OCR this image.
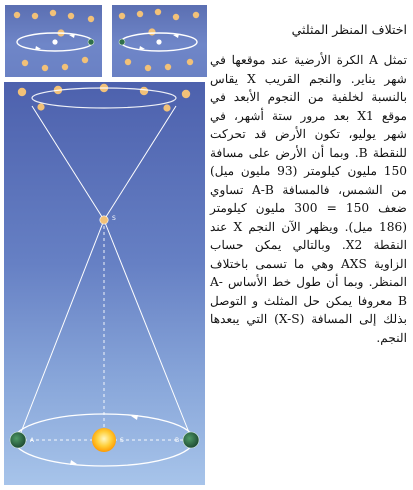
S
S
A	B
اختلاف المنظر المثلثي

تمثل A الكرة الأرضية عند موقعها في شهر يناير. والنجم القريب X يقاس بالنسبة لخلفية من النجوم الأبعد في موقع X1 بعد مرور ستة أشهر، في شهر يوليو، تكون الأرض قد تحركت للنقطة B. وبما أن الأرض على مسافة 150 مليون كيلومتر (93 مليون ميل) من الشمس، فالمسافة A-B تساوي ضعف 150 = 300 مليون كيلومتر (186 ميل). ويظهر الآن النجم X عند النقطة X2. وبالتالي يمكن حساب الزاوية AXS وهي ما تسمى باختلاف المنظر. وبما أن طول خط الأساس A-B معروفا يمكن حل المثلث و التوصل بذلك إلى المسافة (X-S) التي يبعدها النجم.
